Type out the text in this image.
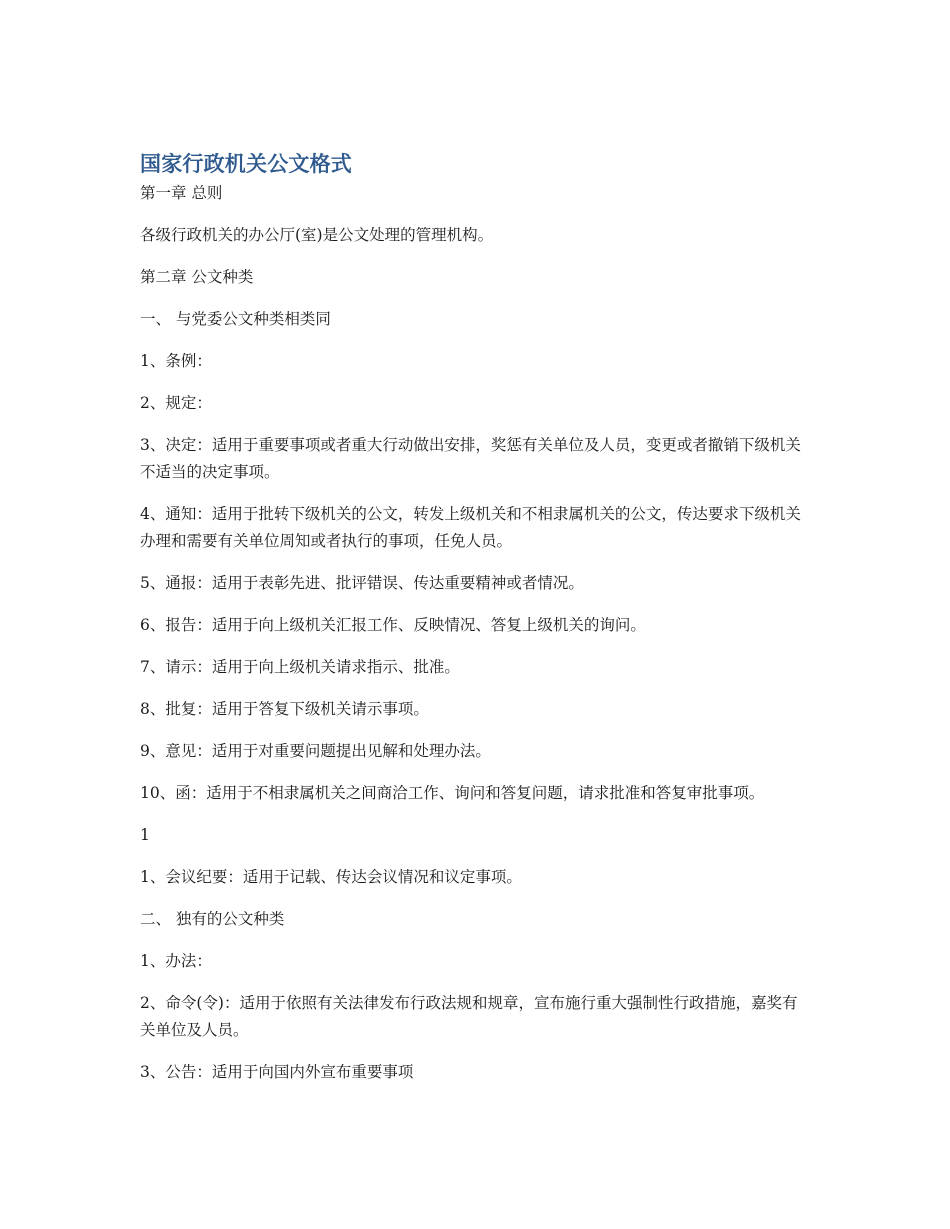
国家行政机关公文格式

第一章 总则

各级行政机关的办公厅(室)是公文处理的管理机构。

第二章 公文种类

一、 与党委公文种类相类同

1、条例：

2、规定：

3、决定：适用于重要事项或者重大行动做出安排，奖惩有关单位及人员，变更或者撤销下级机关不适当的决定事项。

4、通知：适用于批转下级机关的公文，转发上级机关和不相隶属机关的公文，传达要求下级机关办理和需要有关单位周知或者执行的事项，任免人员。

5、通报：适用于表彰先进、批评错误、传达重要精神或者情况。

6、报告：适用于向上级机关汇报工作、反映情况、答复上级机关的询问。

7、请示：适用于向上级机关请求指示、批准。

8、批复：适用于答复下级机关请示事项。

9、意见：适用于对重要问题提出见解和处理办法。

10、函：适用于不相隶属机关之间商洽工作、询问和答复问题，请求批准和答复审批事项。

1

1、会议纪要：适用于记载、传达会议情况和议定事项。

二、 独有的公文种类

1、办法：

2、命令(令)：适用于依照有关法律发布行政法规和规章，宣布施行重大强制性行政措施，嘉奖有关单位及人员。

3、公告：适用于向国内外宣布重要事项
